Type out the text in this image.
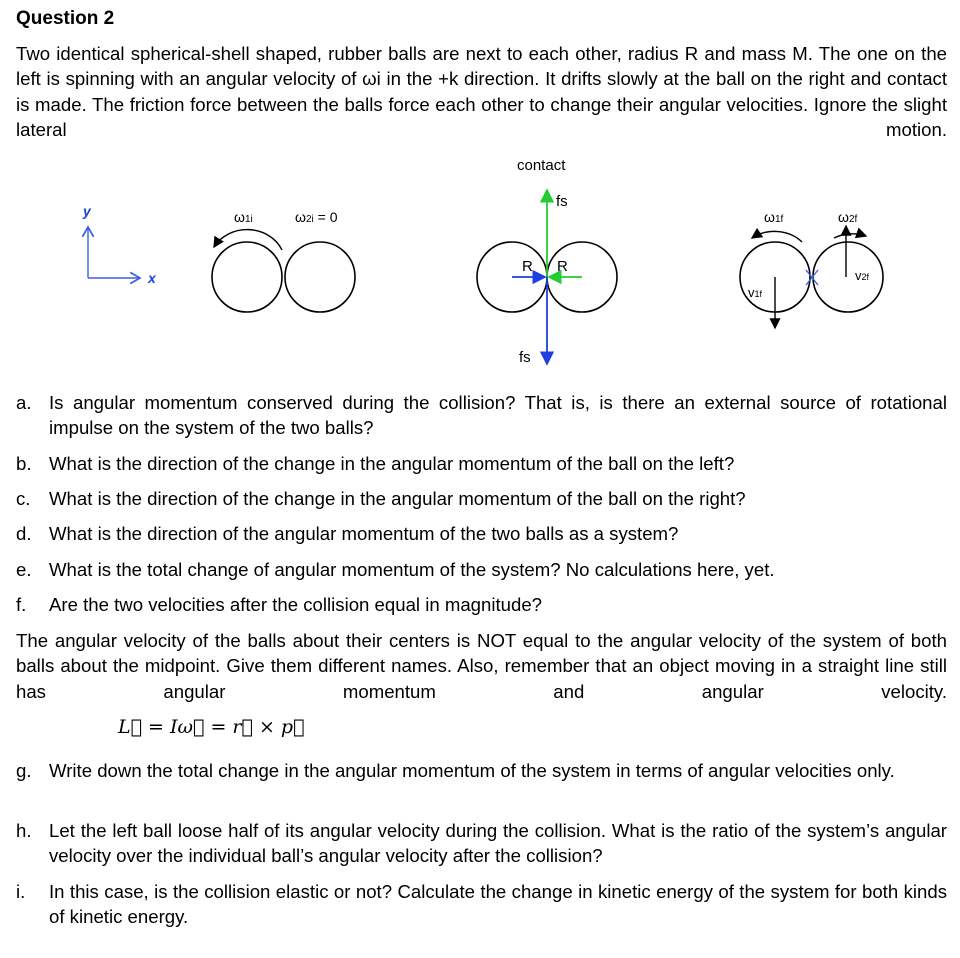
Question 2
Two identical spherical-shell shaped, rubber balls are next to each other, radius R and mass M. The one on the left is spinning with an angular velocity of ωi in the +k direction. It drifts slowly at the ball on the right and contact is made. The friction force between the balls force each other to change their angular velocities. Ignore the slight lateral motion.
y
x
ω1i	ω2i = 0
contact
fs
fs
R R
ω1f	ω2f
v1f
v2f
a. Is angular momentum conserved during the collision? That is, is there an external source of rotational impulse on the system of the two balls?
b. What is the direction of the change in the angular momentum of the ball on the left?
c. What is the direction of the change in the angular momentum of the ball on the right?
d. What is the direction of the angular momentum of the two balls as a system?
e. What is the total change of angular momentum of the system? No calculations here, yet.
f. Are the two velocities after the collision equal in magnitude?
The angular velocity of the balls about their centers is NOT equal to the angular velocity of the system of both balls about the midpoint. Give them different names. Also, remember that an object moving in a straight line still has angular momentum and angular velocity.
L⃗ = Iω⃗ = r⃗ × p⃗
g. Write down the total change in the angular momentum of the system in terms of angular velocities only.
h. Let the left ball loose half of its angular velocity during the collision. What is the ratio of the system’s angular velocity over the individual ball’s angular velocity after the collision?
i. In this case, is the collision elastic or not? Calculate the change in kinetic energy of the system for both kinds of kinetic energy.
